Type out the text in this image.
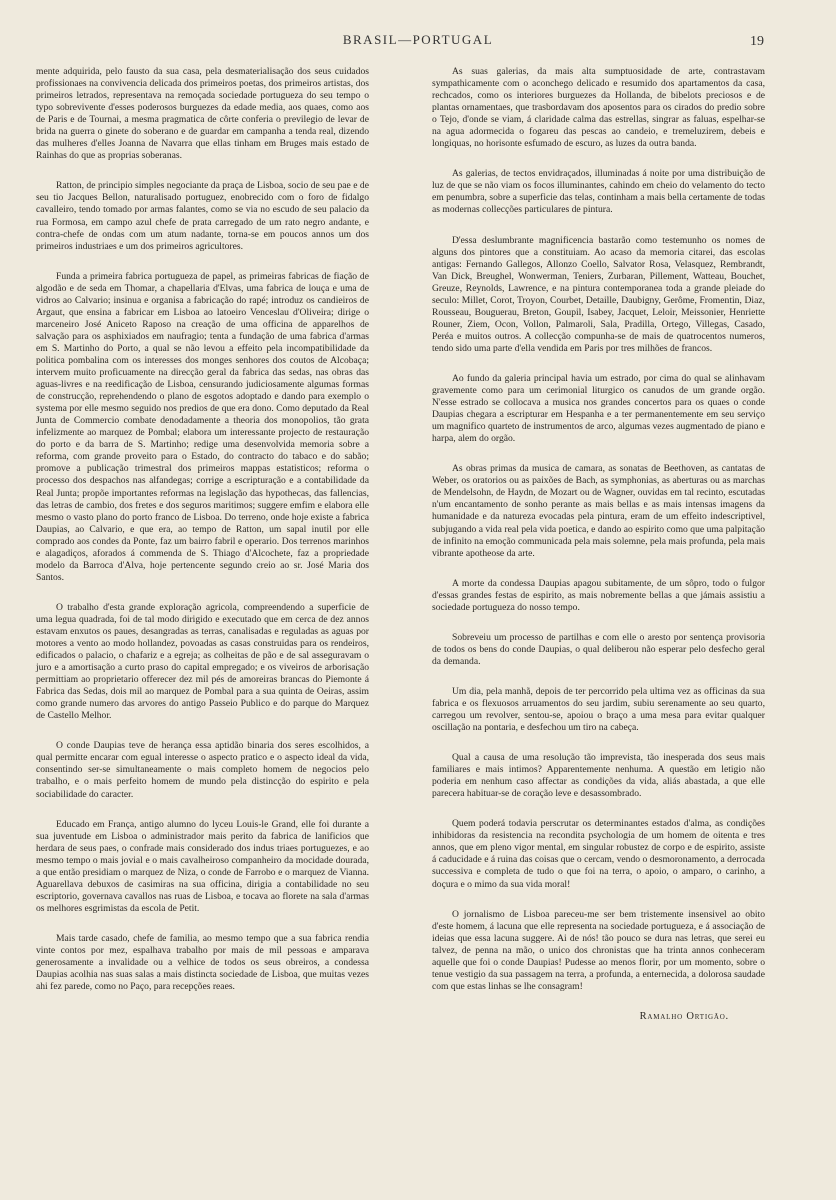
BRASIL—PORTUGAL	19

mente adquirida, pelo fausto da sua casa, pela desmaterialisação dos seus cuidados profissionaes na convivencia delicada dos primeiros poetas, dos primeiros artistas, dos primeiros letrados, representava na remoçada sociedade portugueza do seu tempo o typo sobrevivente d'esses poderosos burguezes da edade media, aos quaes, como aos de Paris e de Tournai, a mesma pragmatica de côrte conferia o previlegio de levar de brida na guerra o ginete do soberano e de guardar em campanha a tenda real, dizendo das mulheres d'elles Joanna de Navarra que ellas tinham em Bruges mais estado de Rainhas do que as proprias soberanas.

Ratton, de principio simples negociante da praça de Lisboa, socio de seu pae e de seu tio Jacques Bellon, naturalisado portuguez, enobrecido com o foro de fidalgo cavalleiro, tendo tomado por armas falantes, como se via no escudo de seu palacio da rua Formosa, em campo azul chefe de prata carregado de um rato negro andante, e contra-chefe de ondas com um atum nadante, torna-se em poucos annos um dos primeiros industriaes e um dos primeiros agricultores.

Funda a primeira fabrica portugueza de papel, as primeiras fabricas de fiação de algodão e de seda em Thomar, a chapellaria d'Elvas, uma fabrica de louça e uma de vidros ao Calvario; insinua e organisa a fabricação do rapé; introduz os candieiros de Argaut, que ensina a fabricar em Lisboa ao latoeiro Venceslau d'Oliveira; dirige o marceneiro José Aniceto Raposo na creação de uma officina de apparelhos de salvação para os asphixiados em naufragio; tenta a fundação de uma fabrica d'armas em S. Martinho do Porto, a qual se não levou a effeito pela incompatibilidade da politica pombalina com os interesses dos monges senhores dos coutos de Alcobaça; intervem muito proficuamente na direcção geral da fabrica das sedas, nas obras das aguas-livres e na reedificação de Lisboa, censurando judiciosamente algumas formas de construcção, reprehendendo o plano de esgotos adoptado e dando para exemplo o systema por elle mesmo seguido nos predios de que era dono. Como deputado da Real Junta de Commercio combate denodadamente a theoria dos monopolios, tão grata infelizmente ao marquez de Pombal; elabora um interessante projecto de restauração do porto e da barra de S. Martinho; redige uma desenvolvida memoria sobre a reforma, com grande proveito para o Estado, do contracto do tabaco e do sabão; promove a publicação trimestral dos primeiros mappas estatisticos; reforma o processo dos despachos nas alfandegas; corrige a escripturação e a contabilidade da Real Junta; propõe importantes reformas na legislação das hypothecas, das fallencias, das letras de cambio, dos fretes e dos seguros maritimos; suggere emfim e elabora elle mesmo o vasto plano do porto franco de Lisboa. Do terreno, onde hoje existe a fabrica Daupias, ao Calvario, e que era, ao tempo de Ratton, um sapal inutil por elle comprado aos condes da Ponte, faz um bairro fabril e operario. Dos terrenos marinhos e alagadiços, aforados á commenda de S. Thiago d'Alcochete, faz a propriedade modelo da Barroca d'Alva, hoje pertencente segundo creio ao sr. José Maria dos Santos.

O trabalho d'esta grande exploração agricola, compreendendo a superficie de uma legua quadrada, foi de tal modo dirigido e executado que em cerca de dez annos estavam enxutos os paues, desangradas as terras, canalisadas e reguladas as aguas por motores a vento ao modo hollandez, povoadas as casas construidas para os rendeiros, edificados o palacio, o chafariz e a egreja; as colheitas de pão e de sal asseguravam o juro e a amortisação a curto praso do capital empregado; e os viveiros de arborisação permittiam ao proprietario offerecer dez mil pés de amoreiras brancas do Piemonte á Fabrica das Sedas, dois mil ao marquez de Pombal para a sua quinta de Oeiras, assim como grande numero das arvores do antigo Passeio Publico e do parque do Marquez de Castello Melhor.

O conde Daupias teve de herança essa aptidão binaria dos seres escolhidos, a qual permitte encarar com egual interesse o aspecto pratico e o aspecto ideal da vida, consentindo ser-se simultaneamente o mais completo homem de negocios pelo trabalho, e o mais perfeito homem de mundo pela distincção do espirito e pela sociabilidade do caracter.

Educado em França, antigo alumno do lyceu Louis-le Grand, elle foi durante a sua juventude em Lisboa o administrador mais perito da fabrica de lanificios que herdara de seus paes, o confrade mais considerado dos indus triaes portuguezes, e ao mesmo tempo o mais jovial e o mais cavalheiroso companheiro da mocidade dourada, a que então presidiam o marquez de Niza, o conde de Farrobo e o marquez de Vianna. Aguarellava debuxos de casimiras na sua officina, dirigia a contabilidade no seu escriptorio, governava cavallos nas ruas de Lisboa, e tocava ao florete na sala d'armas os melhores esgrimistas da escola de Petit.

Mais tarde casado, chefe de familia, ao mesmo tempo que a sua fabrica rendia vinte contos por mez, espalhava trabalho por mais de mil pessoas e amparava generosamente a invalidade ou a velhice de todos os seus obreiros, a condessa Daupias acolhia nas suas salas a mais distincta sociedade de Lisboa, que muitas vezes ahi fez parede, como no Paço, para recepções reaes.

As suas galerias, da mais alta sumptuosidade de arte, contrastavam sympathicamente com o aconchego delicado e resumido dos apartamentos da casa, rechcados, como os interiores burguezes da Hollanda, de bibelots preciosos e de plantas ornamentaes, que trasbordavam dos aposentos para os cirados do predio sobre o Tejo, d'onde se viam, á claridade calma das estrellas, singrar as faluas, espelhar-se na agua adormecida o fogareu das pescas ao candeio, e tremeluzirem, debeis e longiquas, no horisonte esfumado de escuro, as luzes da outra banda.

As galerias, de tectos envidraçados, illuminadas á noite por uma distribuição de luz de que se não viam os focos illuminantes, cahindo em cheio do velamento do tecto em penumbra, sobre a superficie das telas, continham a mais bella certamente de todas as modernas collecções particulares de pintura.

D'essa deslumbrante magnificencia bastarão como testemunho os nomes de alguns dos pintores que a constituiam. Ao acaso da memoria citarei, das escolas antigas: Fernando Gallegos, Allonzo Coello, Salvator Rosa, Velasquez, Rembrandt, Van Dick, Breughel, Wonwerman, Teniers, Zurbaran, Pillement, Watteau, Bouchet, Greuze, Reynolds, Lawrence, e na pintura contemporanea toda a grande pleiade do seculo: Millet, Corot, Troyon, Courbet, Detaille, Daubigny, Gerôme, Fromentin, Diaz, Rousseau, Bouguerau, Breton, Goupil, Isabey, Jacquet, Leloir, Meissonier, Henriette Rouner, Ziem, Ocon, Vollon, Palmaroli, Sala, Pradilla, Ortego, Villegas, Casado, Peréa e muitos outros. A collecção compunha-se de mais de quatrocentos numeros, tendo sido uma parte d'ella vendida em Paris por tres milhões de francos.

Ao fundo da galeria principal havia um estrado, por cima do qual se alinhavam gravemente como para um cerimonial liturgico os canudos de um grande orgão. N'esse estrado se collocava a musica nos grandes concertos para os quaes o conde Daupias chegara a escripturar em Hespanha e a ter permanentemente em seu serviço um magnifico quarteto de instrumentos de arco, algumas vezes augmentado de piano e harpa, alem do orgão.

As obras primas da musica de camara, as sonatas de Beethoven, as cantatas de Weber, os oratorios ou as paixões de Bach, as symphonias, as aberturas ou as marchas de Mendelsohn, de Haydn, de Mozart ou de Wagner, ouvidas em tal recinto, escutadas n'um encantamento de sonho perante as mais bellas e as mais intensas imagens da humanidade e da natureza evocadas pela pintura, eram de um effeito indescriptivel, subjugando a vida real pela vida poetica, e dando ao espirito como que uma palpitação de infinito na emoção communicada pela mais solemne, pela mais profunda, pela mais vibrante apotheose da arte.

A morte da condessa Daupias apagou subitamente, de um sôpro, todo o fulgor d'essas grandes festas de espirito, as mais nobremente bellas a que jámais assistiu a sociedade portugueza do nosso tempo.

Sobreveiu um processo de partilhas e com elle o aresto por sentença provisoria de todos os bens do conde Daupias, o qual deliberou não esperar pelo desfecho geral da demanda.

Um dia, pela manhã, depois de ter percorrido pela ultima vez as officinas da sua fabrica e os flexuosos arruamentos do seu jardim, subiu serenamente ao seu quarto, carregou um revolver, sentou-se, apoiou o braço a uma mesa para evitar qualquer oscillação na pontaria, e desfechou um tiro na cabeça.

Qual a causa de uma resolução tão imprevista, tão inesperada dos seus mais familiares e mais intimos? Apparentemente nenhuma. A questão em letigio não poderia em nenhum caso affectar as condições da vida, aliás abastada, a que elle parecera habituar-se de coração leve e desassombrado.

Quem poderá todavia perscrutar os determinantes estados d'alma, as condições inhibidoras da resistencia na recondita psychologia de um homem de oitenta e tres annos, que em pleno vigor mental, em singular robustez de corpo e de espirito, assiste á caducidade e á ruina das coisas que o cercam, vendo o desmoronamento, a derrocada successiva e completa de tudo o que foi na terra, o apoio, o amparo, o carinho, a doçura e o mimo da sua vida moral!

O jornalismo de Lisboa pareceu-me ser bem tristemente insensivel ao obito d'este homem, á lacuna que elle representa na sociedade portugueza, e á associação de ideias que essa lacuna suggere. Ai de nós! tão pouco se dura nas letras, que serei eu talvez, de penna na mão, o unico dos chronistas que ha trinta annos conheceram aquelle que foi o conde Daupias! Pudesse ao menos florir, por um momento, sobre o tenue vestigio da sua passagem na terra, a profunda, a enternecida, a dolorosa saudade com que estas linhas se lhe consagram!

Ramalho Ortigão.
